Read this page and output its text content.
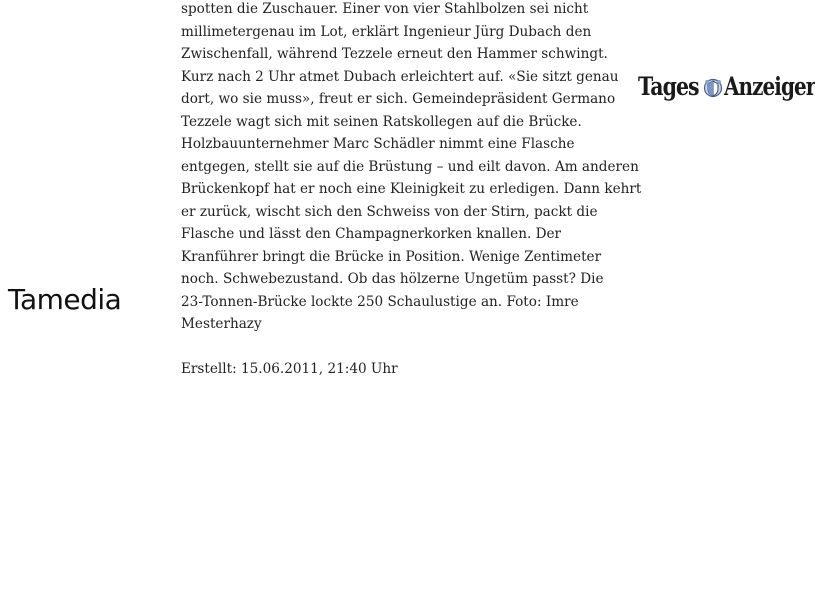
Tamedia

spotten die Zuschauer. Einer von vier Stahlbolzen sei nicht
millimetergenau im Lot, erklärt Ingenieur Jürg Dubach den
Zwischenfall, während Tezzele erneut den Hammer schwingt.
Kurz nach 2 Uhr atmet Dubach erleichtert auf. «Sie sitzt genau
dort, wo sie muss», freut er sich. Gemeindepräsident Germano
Tezzele wagt sich mit seinen Ratskollegen auf die Brücke.
Holzbauunternehmer Marc Schädler nimmt eine Flasche
entgegen, stellt sie auf die Brüstung – und eilt davon. Am anderen
Brückenkopf hat er noch eine Kleinigkeit zu erledigen. Dann kehrt
er zurück, wischt sich den Schweiss von der Stirn, packt die
Flasche und lässt den Champagnerkorken knallen. Der
Kranführer bringt die Brücke in Position. Wenige Zentimeter
noch. Schwebezustand. Ob das hölzerne Ungetüm passt? Die
23-Tonnen-Brücke lockte 250 Schaulustige an. Foto: Imre
Mesterhazy

Erstellt: 15.06.2011, 21:40 Uhr

Tages Anzeiger
